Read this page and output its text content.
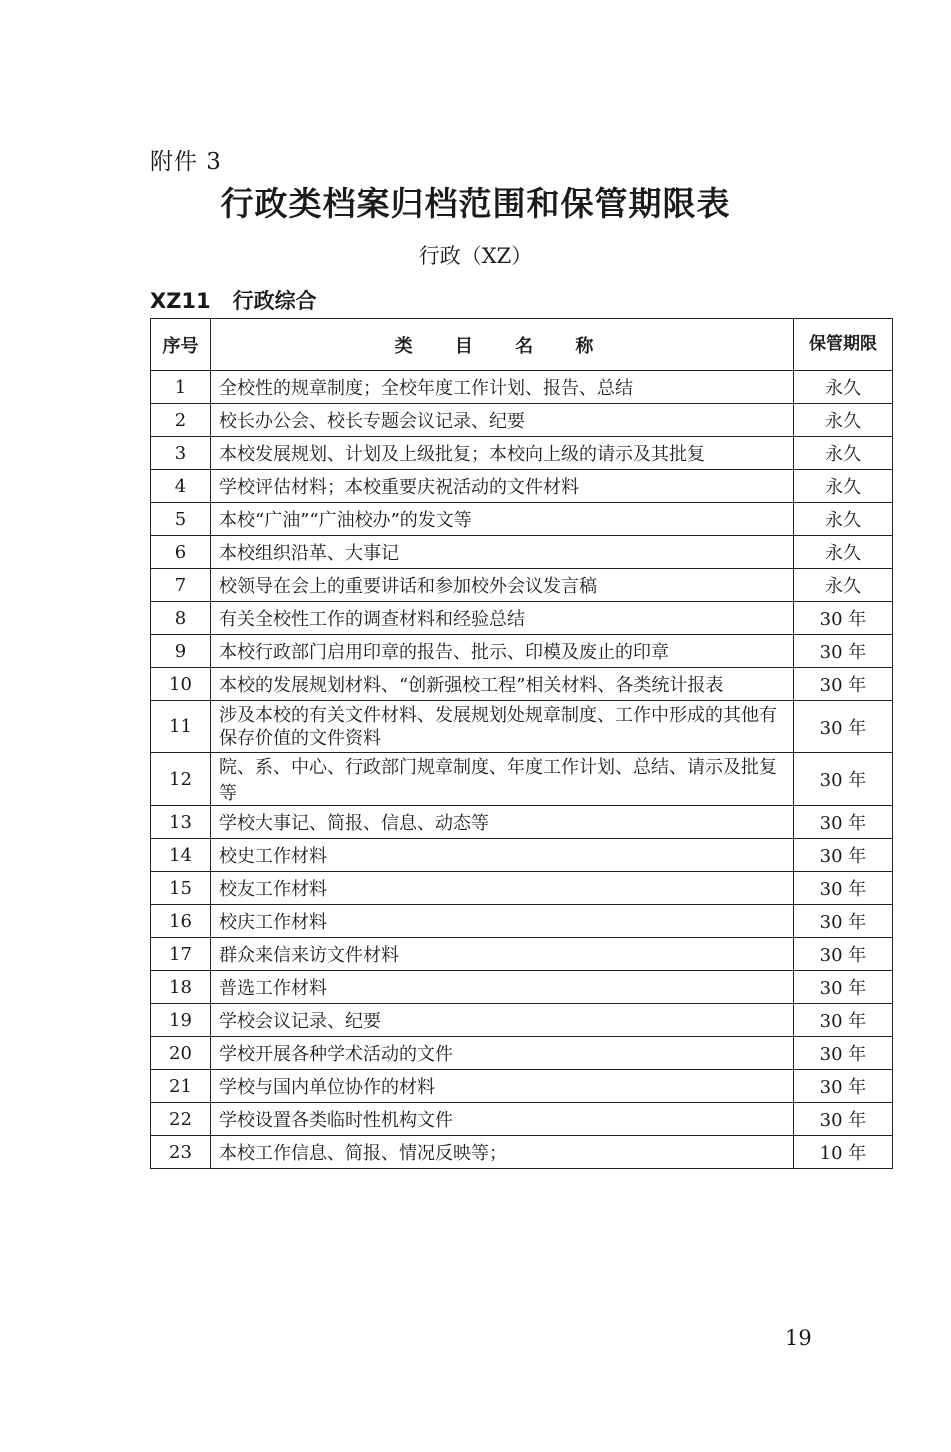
附件 3
行政类档案归档范围和保管期限表
行政（XZ）
XZ11 行政综合
序号	类 目 名 称	保管期限
1	全校性的规章制度；全校年度工作计划、报告、总结	永久
2	校长办公会、校长专题会议记录、纪要	永久
3	本校发展规划、计划及上级批复；本校向上级的请示及其批复	永久
4	学校评估材料；本校重要庆祝活动的文件材料	永久
5	本校“广油”“广油校办”的发文等	永久
6	本校组织沿革、大事记	永久
7	校领导在会上的重要讲话和参加校外会议发言稿	永久
8	有关全校性工作的调查材料和经验总结	30 年
9	本校行政部门启用印章的报告、批示、印模及废止的印章	30 年
10	本校的发展规划材料、“创新强校工程”相关材料、各类统计报表	30 年
11	涉及本校的有关文件材料、发展规划处规章制度、工作中形成的其他有保存价值的文件资料	30 年
12	院、系、中心、行政部门规章制度、年度工作计划、总结、请示及批复等	30 年
13	学校大事记、简报、信息、动态等	30 年
14	校史工作材料	30 年
15	校友工作材料	30 年
16	校庆工作材料	30 年
17	群众来信来访文件材料	30 年
18	普选工作材料	30 年
19	学校会议记录、纪要	30 年
20	学校开展各种学术活动的文件	30 年
21	学校与国内单位协作的材料	30 年
22	学校设置各类临时性机构文件	30 年
23	本校工作信息、简报、情况反映等；	10 年
19
